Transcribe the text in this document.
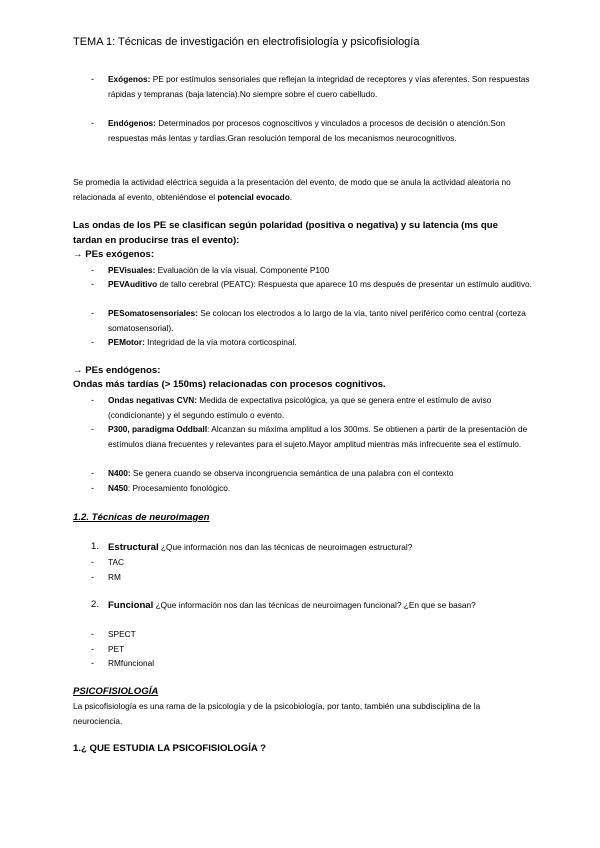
TEMA 1: Técnicas de investigación en electrofisiología y psicofisiología
- Exógenos: PE por estímulos sensoriales que reflejan la integridad de receptores y vías aferentes. Son respuestas rápidas y tempranas (baja latencia).No siempre sobre el cuero cabelludo.
- Endógenos: Determinados por procesos cognoscitivos y vinculados a procesos de decisión o atención.Son respuestas más lentas y tardías.Gran resolución temporal de los mecanismos neurocognitivos.
Se promedia la actividad eléctrica seguida a la presentación del evento, de modo que se anula la actividad aleatoria no relacionada al evento, obteniéndose el potencial evocado.
Las ondas de los PE se clasifican según polaridad (positiva o negativa) y su latencia (ms que tardan en producirse tras el evento):
→ PEs exógenos:
- PEVisuales: Evaluación de la vía visual. Componente P100
- PEVAuditivo de tallo cerebral (PEATC): Respuesta que aparece 10 ms después de presentar un estímulo auditivo.
- PESomatosensoriales: Se colocan los electrodos a lo largo de la vía, tanto nivel periférico como central (corteza somatosensorial).
- PEMotor: Integridad de la vía motora corticospinal.
→ PEs endógenos:
Ondas más tardías (> 150ms) relacionadas con procesos cognitivos.
- Ondas negativas CVN: Medida de expectativa psicológica, ya que se genera entre el estímulo de aviso (condicionante) y el segundo estímulo o evento.
- P300, paradigma Oddball: Alcanzan su máxima amplitud a los 300ms. Se obtienen a partir de la presentación de estímulos diana frecuentes y relevantes para el sujeto.Mayor amplitud mientras más infrecuente sea el estímulo.
- N400: Se genera cuando se observa incongruencia semántica de una palabra con el contexto
- N450: Procesamiento fonológico.
1.2. Técnicas de neuroimagen
1. Estructural ¿Que información nos dan las técnicas de neuroimagen estructural?
- TAC
- RM
2. Funcional ¿Que información nos dan las técnicas de neuroimagen funcional? ¿En que se basan?
- SPECT
- PET
- RMfuncional
PSICOFISIOLOGÍA
La psicofisiología es una rama de la psicología y de la psicobiología, por tanto, también una subdisciplina de la neurociencia.
1.¿ QUE ESTUDIA LA PSICOFISIOLOGÍA ?
